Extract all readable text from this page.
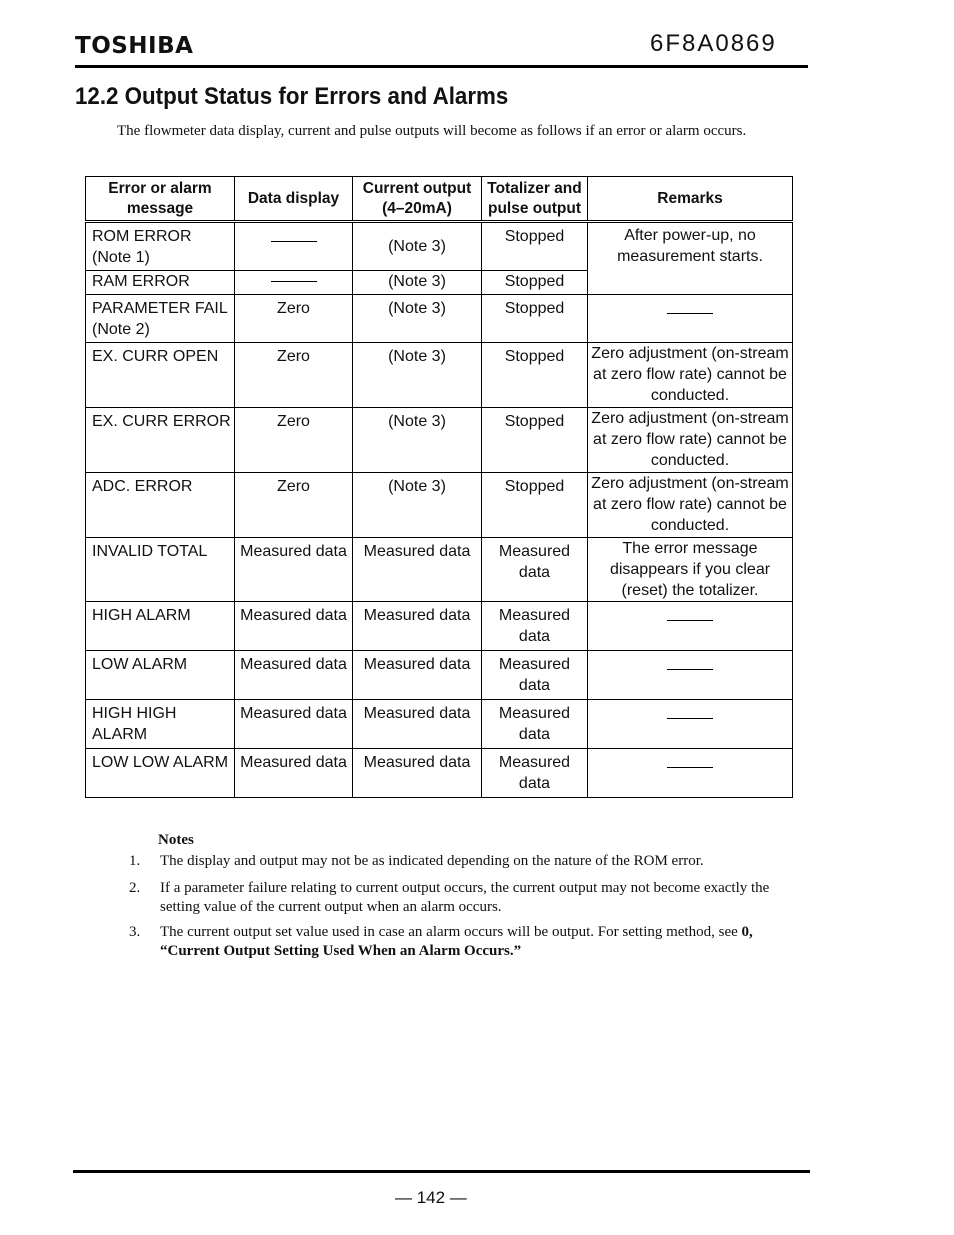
TOSHIBA	6F8A0869
12.2 Output Status for Errors and Alarms
The flowmeter data display, current and pulse outputs will become as follows if an error or alarm occurs.
Error or alarm message	Data display	Current output (4–20mA)	Totalizer and pulse output	Remarks
ROM ERROR (Note 1)		(Note 3)	Stopped	After power-up, no measurement starts.
RAM ERROR		(Note 3)	Stopped	
PARAMETER FAIL (Note 2)	Zero	(Note 3)	Stopped	
EX. CURR OPEN	Zero	(Note 3)	Stopped	Zero adjustment (on-stream at zero flow rate) cannot be conducted.
EX. CURR ERROR	Zero	(Note 3)	Stopped	Zero adjustment (on-stream at zero flow rate) cannot be conducted.
ADC. ERROR	Zero	(Note 3)	Stopped	Zero adjustment (on-stream at zero flow rate) cannot be conducted.
INVALID TOTAL	Measured data	Measured data	Measured data	The error message disappears if you clear (reset) the totalizer.
HIGH ALARM	Measured data	Measured data	Measured data	
LOW ALARM	Measured data	Measured data	Measured data	
HIGH HIGH ALARM	Measured data	Measured data	Measured data	
LOW LOW ALARM	Measured data	Measured data	Measured data	
Notes
1. The display and output may not be as indicated depending on the nature of the ROM error.
2. If a parameter failure relating to current output occurs, the current output may not become exactly the setting value of the current output when an alarm occurs.
3. The current output set value used in case an alarm occurs will be output. For setting method, see 0, “Current Output Setting Used When an Alarm Occurs.”
— 142 —
